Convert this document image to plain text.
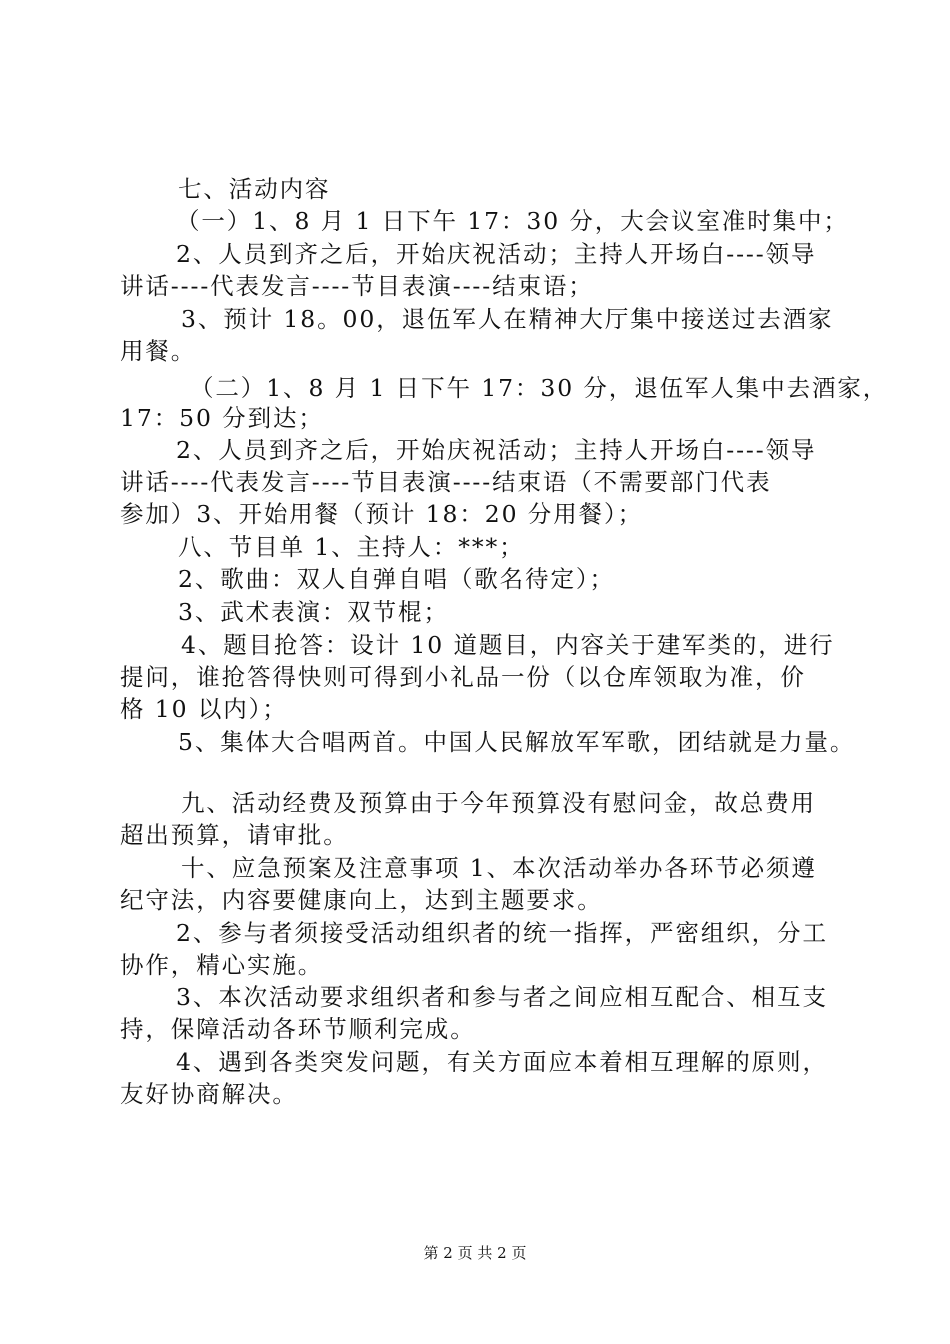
七、活动内容
（一）1、8 月 1 日下午 17：30 分，大会议室准时集中；
2、人员到齐之后，开始庆祝活动；主持人开场白----领导
讲话----代表发言----节目表演----结束语；
3、预计 18。00，退伍军人在精神大厅集中接送过去酒家
用餐。
（二）1、8 月 1 日下午 17：30 分，退伍军人集中去酒家，
17：50 分到达；
2、人员到齐之后，开始庆祝活动；主持人开场白----领导
讲话----代表发言----节目表演----结束语（不需要部门代表
参加）3、开始用餐（预计 18：20 分用餐）；
八、节目单 1、主持人：***；
2、歌曲：双人自弹自唱（歌名待定）；
3、武术表演：双节棍；
4、题目抢答：设计 10 道题目，内容关于建军类的，进行
提问，谁抢答得快则可得到小礼品一份（以仓库领取为准，价
格 10 以内）；
5、集体大合唱两首。中国人民解放军军歌，团结就是力量。
九、活动经费及预算由于今年预算没有慰问金，故总费用
超出预算，请审批。
十、应急预案及注意事项 1、本次活动举办各环节必须遵
纪守法，内容要健康向上，达到主题要求。
2、参与者须接受活动组织者的统一指挥，严密组织，分工
协作，精心实施。
3、本次活动要求组织者和参与者之间应相互配合、相互支
持，保障活动各环节顺利完成。
4、遇到各类突发问题，有关方面应本着相互理解的原则，
友好协商解决。
第 2 页 共 2 页
